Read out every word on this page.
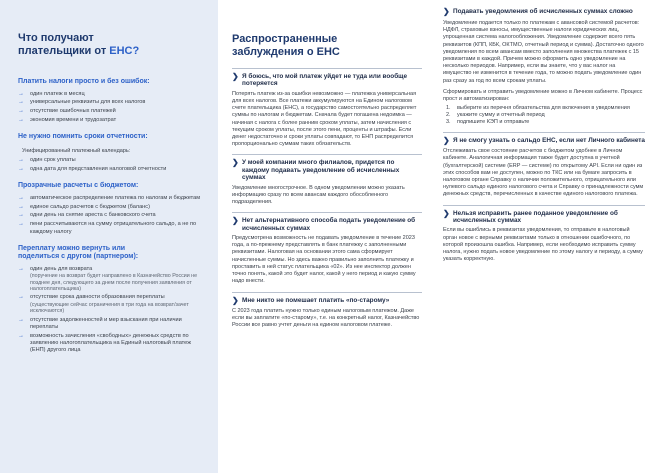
Что получают
плательщики от ЕНС?
Платить налоги просто и без ошибок:
→ один платеж в месяц
→ универсальные реквизиты для всех налогов
→ отсутствие ошибочных платежей
→ экономия времени и трудозатрат
Не нужно помнить сроки отчетности:
Унифицированный платежный календарь:
→ один срок уплаты
→ одна дата для представления налоговой отчетности
Прозрачные расчеты с бюджетом:
→ автоматическое распределение платежа по налогам и бюджетам
→ единое сальдо расчетов с бюджетом (баланс)
→ одни день на снятие ареста с банковского счета
→ пени рассчитываются на сумму отрицательного сальдо, а не по каждому налогу
Переплату можно вернуть или
поделиться с другом (партнером):
→ один день для возврата
(поручение на возврат будет направлено в Казначейство России не позднее дня, следующего за днем после получения заявления от налогоплательщика)
→ отсутствие срока давности образования переплаты
(существующие сейчас ограничения в три года на возврат/зачет исключаются)
→ отсутствие задолженностей и мер взыскания при наличии переплаты
→ возможность зачисления «свободных» денежных средств по заявлению налогоплательщика на Единый налоговый платеж (ЕНП) другого лица
Распространенные
заблуждения о ЕНС
❯ Я боюсь, что мой платеж уйдет не туда или вообще потеряется
Потерять платеж из-за ошибки невозможно — платежка универсальная для всех налогов. Все платежи аккумулируются на Едином налоговом счете плательщика (ЕНС), а государство самостоятельно распределяет суммы по налогам и бюджетам. Сначала будет погашена недоимка — начиная с налога с более ранним сроком уплаты, затем начисления с текущим сроком уплаты, после этого пени, проценты и штрафы. Если денег недостаточно и сроки уплаты совпадают, то ЕНП распределится пропорционально суммам таких обязательств.
❯ У моей компании много филиалов, придется по каждому подавать уведомление об исчисленных суммах
Уведомление многострочное. В одном уведомлении можно указать информацию сразу по всем авансам каждого обособленного подразделения.
❯ Нет альтернативного способа подать уведомление об исчисленных суммах
Предусмотрена возможность не подавать уведомление в течение 2023 года, а по-прежнему представлять в банк платежку с заполненными реквизитами. Налоговая на основании этого сама сформирует начисленные суммы. Но здесь важно правильно заполнить платежку и проставить в ней статус плательщика «02». Из нее инспектор должен точно понять, какой это будет налог, какой у него период и какую сумму надо внести.
❯ Мне никто не помешает платить «по-старому»
С 2023 года платить нужно только единым налоговым платежом. Даже если вы заплатите «по-старому», т.е. на конкретный налог, Казначейство России все равно учтет деньги на едином налоговом платеже.
❯ Подавать уведомления об исчисленных суммах сложно
Уведомление подается только по платежам с авансовой системой расчетов: НДФЛ, страховые взносы, имущественные налоги юридических лиц, упрощенная система налогообложения. Уведомление содержит всего пять реквизитов (КПП, КБК, ОКТМО, отчетный период и сумма). Достаточно одного уведомления по всем авансам вместо заполнения множества платежек с 15 реквизитами в каждой. Причем можно оформить одно уведомление на несколько периодов. Например, если вы знаете, что у вас налог на имущество не изменится в течение года, то можно подать уведомление один раз сразу за год по всем срокам уплаты.
Сформировать и отправить уведомление можно в Личном кабинете. Процесс прост и автоматизирован:
1. выберите из перечня обязательства для включения в уведомления
2. укажите сумму и отчетный период
3. подпишите КЭП и отправьте
❯ Я не смогу узнать о сальдо ЕНС, если нет Личного кабинета
Отслеживать свое состояние расчетов с бюджетом удобнее в Личном кабинете. Аналогичная информация также будет доступна в учетной (бухгалтерской) системе (ERP — системе) по открытому API. Если ни один из этих способов вам не доступен, можно по ТКС или на бумаге запросить в налоговом органе Справку о наличии положительного, отрицательного или нулевого сальдо единого налогового счета и Справку о принадлежности сумм денежных средств, перечисленных в качестве единого налогового платежа.
❯ Нельзя исправить ранее поданное уведомление об исчисленных суммах
Если вы ошиблись в реквизитах уведомления, то отправьте в налоговый орган новое с верными реквизитами только в отношении ошибочного, по которой произошла ошибка. Например, если необходимо исправить сумму налога, нужно подать новое уведомление по этому налогу и периоду, а сумму указать корректную.
